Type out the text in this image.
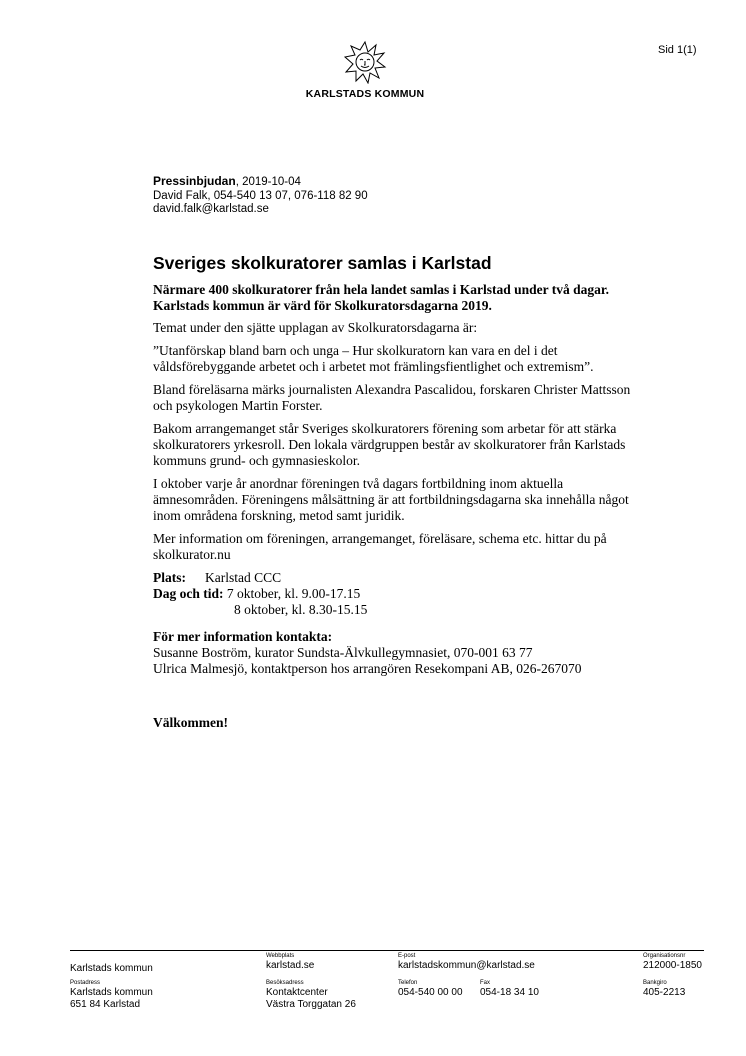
Sid 1(1)
KARLSTADS KOMMUN
Pressinbjudan, 2019-10-04
David Falk, 054-540 13 07, 076-118 82 90
david.falk@karlstad.se
Sveriges skolkuratorer samlas i Karlstad

Närmare 400 skolkuratorer från hela landet samlas i Karlstad under två dagar. Karlstads kommun är värd för Skolkuratorsdagarna 2019.

Temat under den sjätte upplagan av Skolkuratorsdagarna är:

”Utanförskap bland barn och unga – Hur skolkuratorn kan vara en del i det våldsförebyggande arbetet och i arbetet mot främlingsfientlighet och extremism”.

Bland föreläsarna märks journalisten Alexandra Pascalidou, forskaren Christer Mattsson och psykologen Martin Forster.

Bakom arrangemanget står Sveriges skolkuratorers förening som arbetar för att stärka skolkuratorers yrkesroll. Den lokala värdgruppen består av skolkuratorer från Karlstads kommuns grund- och gymnasieskolor.

I oktober varje år anordnar föreningen två dagars fortbildning inom aktuella ämnesområden. Föreningens målsättning är att fortbildningsdagarna ska innehålla något inom områdena forskning, metod samt juridik.

Mer information om föreningen, arrangemanget, föreläsare, schema etc. hittar du på skolkurator.nu

Plats:	Karlstad CCC
Dag och tid: 7 oktober, kl. 9.00-17.15
8 oktober, kl. 8.30-15.15
För mer information kontakta:
Susanne Boström, kurator Sundsta-Älvkullegymnasiet, 070-001 63 77
Ulrica Malmesjö, kontaktperson hos arrangören Resekompani AB, 026-267070
Välkommen!

Karlstads kommun
Webbplats
karlstad.se
E-post
karlstadskommun@karlstad.se
Organisationsnr
212000-1850
Postadress
Karlstads kommun
651 84 Karlstad
Besöksadress
Kontaktcenter
Västra Torggatan 26
Telefon
054-540 00 00
Fax
054-18 34 10
Bankgiro
405-2213
